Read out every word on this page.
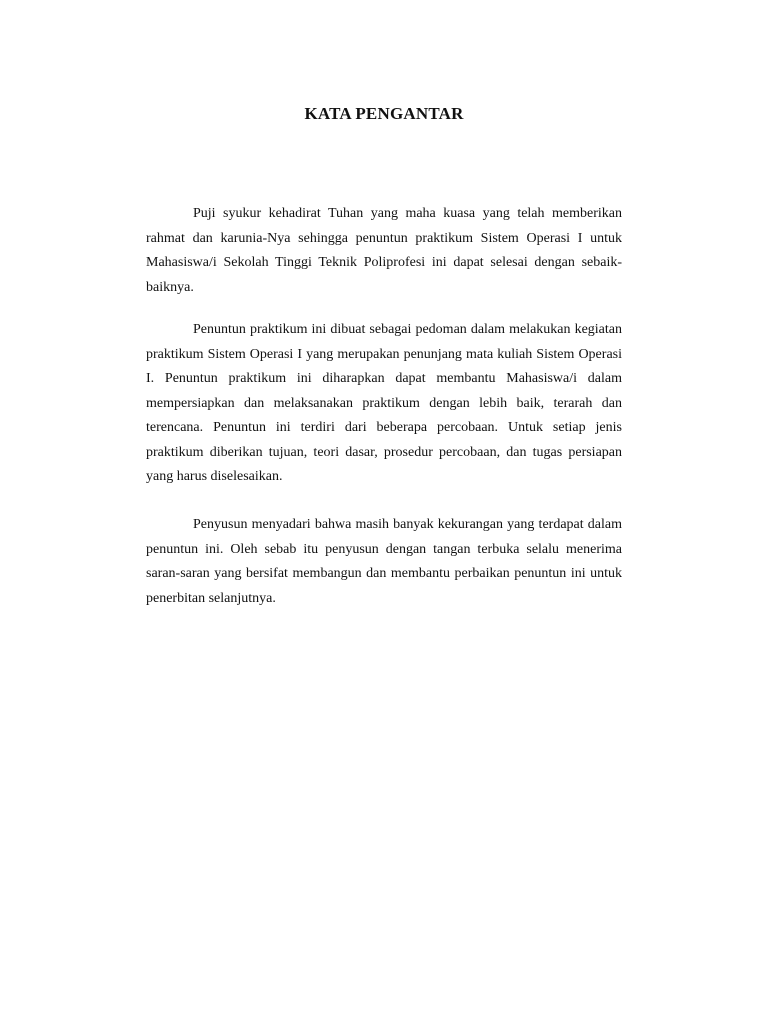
KATA PENGANTAR

Puji syukur kehadirat Tuhan yang maha kuasa yang telah memberikan rahmat dan karunia-Nya sehingga penuntun praktikum Sistem Operasi I untuk Mahasiswa/i Sekolah Tinggi Teknik Poliprofesi ini dapat selesai dengan sebaik-baiknya.

Penuntun praktikum ini dibuat sebagai pedoman dalam melakukan kegiatan praktikum Sistem Operasi I yang merupakan penunjang mata kuliah Sistem Operasi I. Penuntun praktikum ini diharapkan dapat membantu Mahasiswa/i dalam mempersiapkan dan melaksanakan praktikum dengan lebih baik, terarah dan terencana. Penuntun ini terdiri dari beberapa percobaan. Untuk setiap jenis praktikum diberikan tujuan, teori dasar, prosedur percobaan, dan tugas persiapan yang harus diselesaikan.

Penyusun menyadari bahwa masih banyak kekurangan yang terdapat dalam penuntun ini. Oleh sebab itu penyusun dengan tangan terbuka selalu menerima saran-saran yang bersifat membangun dan membantu perbaikan penuntun ini untuk penerbitan selanjutnya.
